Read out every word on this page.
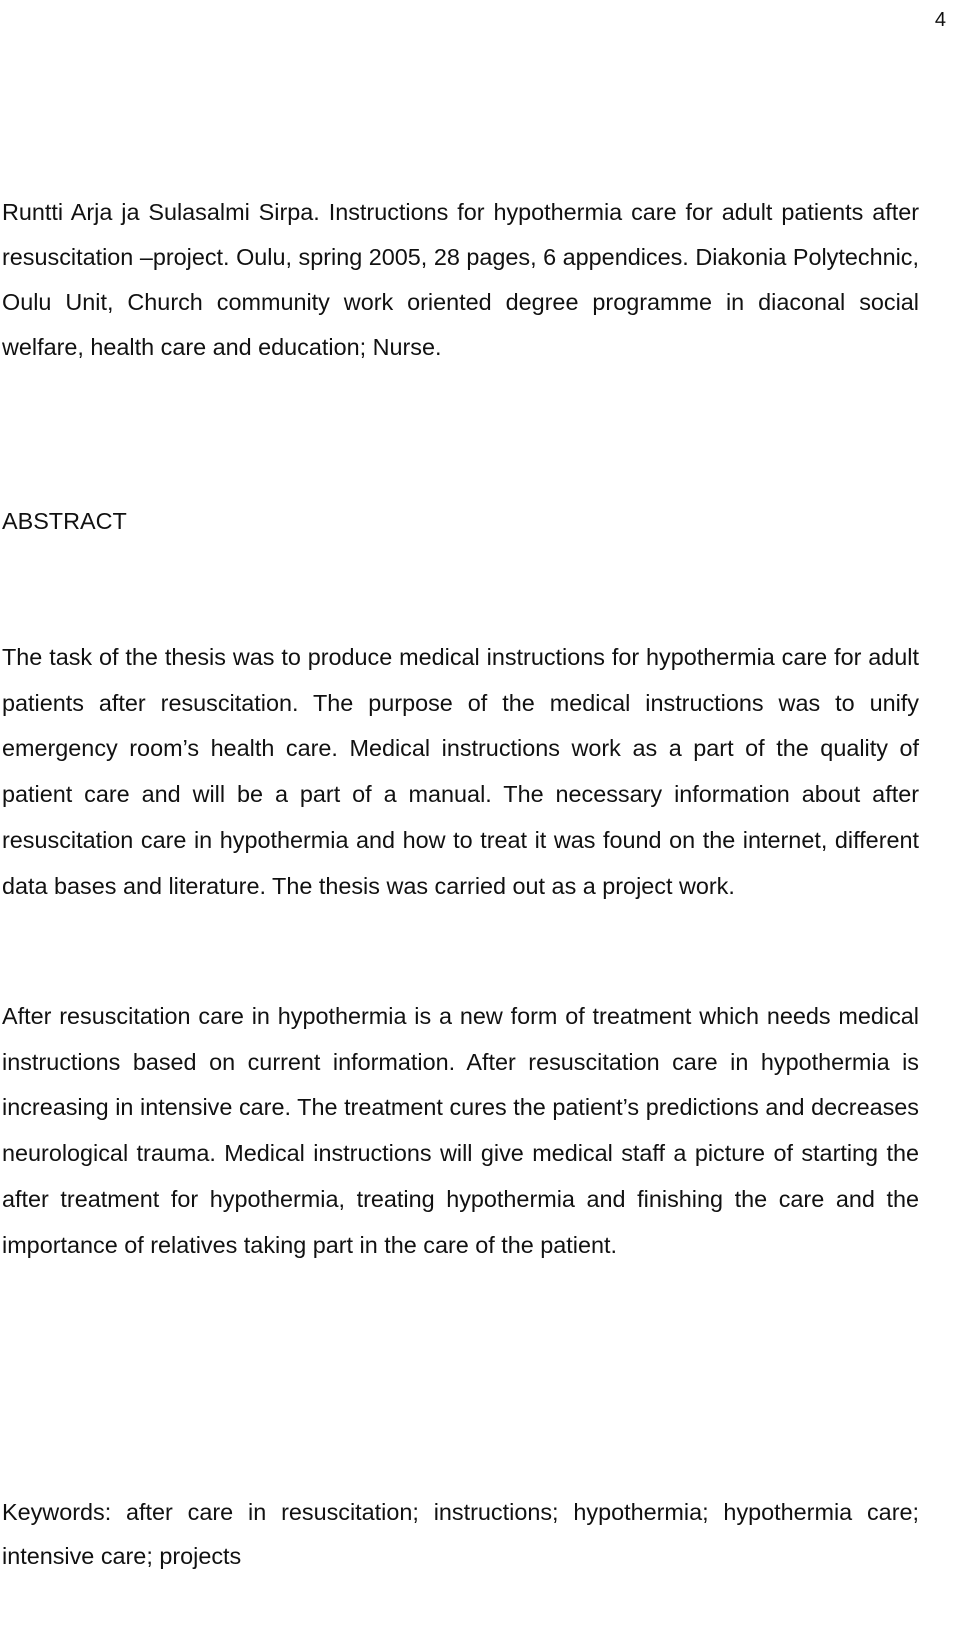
4

Runtti Arja ja Sulasalmi Sirpa. Instructions for hypothermia care for adult patients after resuscitation –project. Oulu, spring 2005, 28 pages, 6 appendices. Diakonia Polytechnic, Oulu Unit, Church community work oriented degree programme in diaconal social welfare, health care and education; Nurse.

ABSTRACT

The task of the thesis was to produce medical instructions for hypothermia care for adult patients after resuscitation. The purpose of the medical instructions was to unify emergency room’s health care. Medical instructions work as a part of the quality of patient care and will be a part of a manual. The necessary information about after resuscitation care in hypothermia and how to treat it was found on the internet, different data bases and literature. The thesis was carried out as a project work.

After resuscitation care in hypothermia is a new form of treatment which needs medical instructions based on current information. After resuscitation care in hypothermia is increasing in intensive care. The treatment cures the patient’s predictions and decreases neurological trauma. Medical instructions will give medical staff a picture of starting the after treatment for hypothermia, treating hypothermia and finishing the care and the importance of relatives taking part in the care of the patient.

Keywords: after care in resuscitation; instructions; hypothermia; hypothermia care; intensive care; projects
